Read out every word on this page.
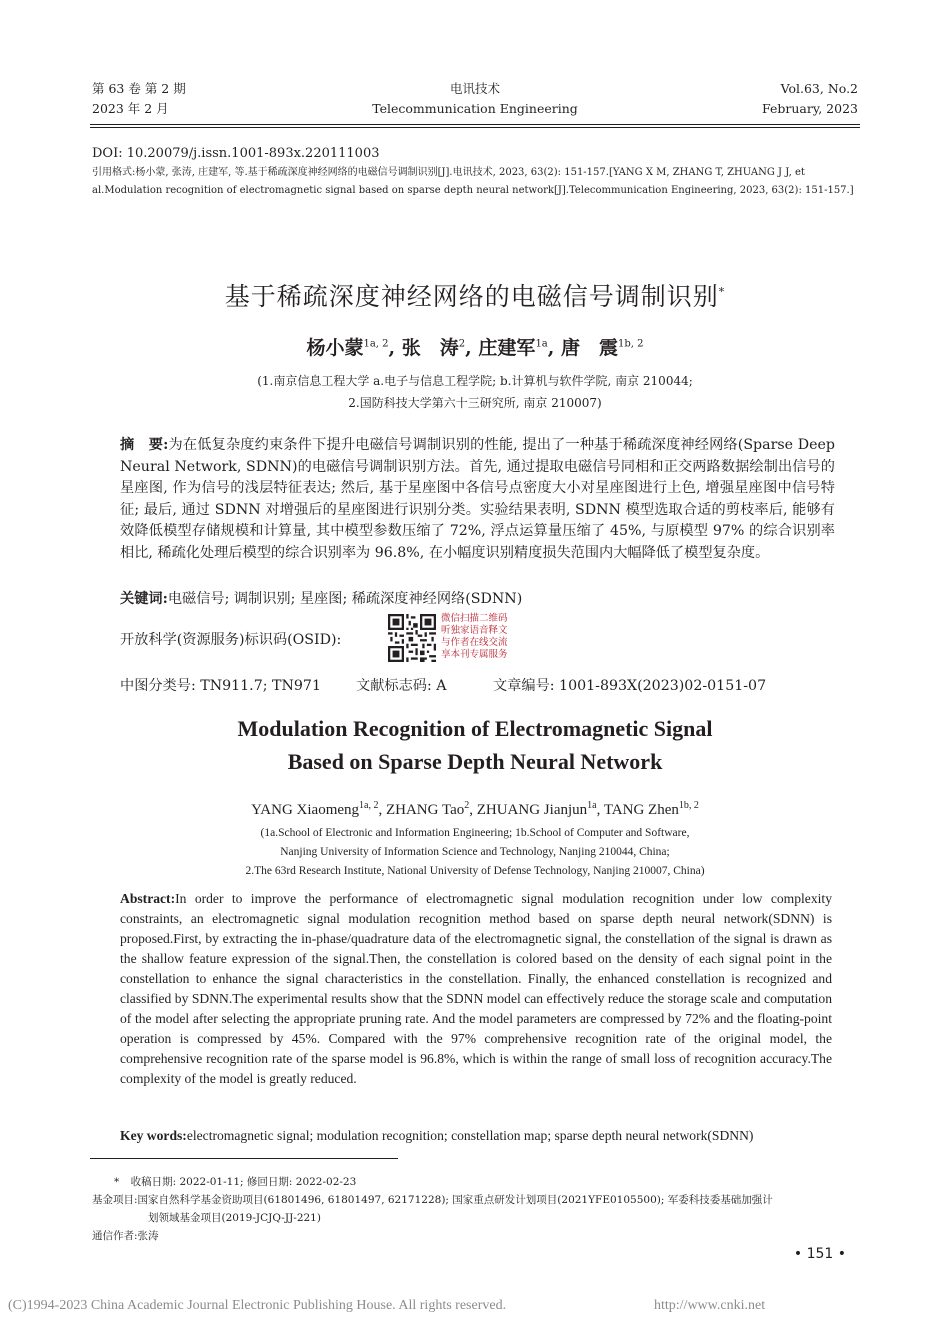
第 63 卷 第 2 期
2023 年 2 月
电讯技术
Telecommunication Engineering
Vol.63, No.2
February, 2023
DOI: 10.20079/j.issn.1001-893x.220111003
引用格式:杨小蒙, 张涛, 庄建军, 等.基于稀疏深度神经网络的电磁信号调制识别[J].电讯技术, 2023, 63(2): 151-157.[YANG X M, ZHANG T, ZHUANG J J, et al.Modulation recognition of electromagnetic signal based on sparse depth neural network[J].Telecommunication Engineering, 2023, 63(2): 151-157.]
基于稀疏深度神经网络的电磁信号调制识别*
杨小蒙$^{1a, 2}$, 张　涛$^2$, 庄建军$^{1a}$, 唐　震$^{1b, 2}$
(1.南京信息工程大学 a.电子与信息工程学院; b.计算机与软件学院, 南京 210044;
2.国防科技大学第六十三研究所, 南京 210007)
摘　要:为在低复杂度约束条件下提升电磁信号调制识别的性能, 提出了一种基于稀疏深度神经网络(Sparse Deep Neural Network, SDNN)的电磁信号调制识别方法。首先, 通过提取电磁信号同相和正交两路数据绘制出信号的星座图, 作为信号的浅层特征表达; 然后, 基于星座图中各信号点密度大小对星座图进行上色, 增强星座图中信号特征; 最后, 通过 SDNN 对增强后的星座图进行识别分类。实验结果表明, SDNN 模型选取合适的剪枝率后, 能够有效降低模型存储规模和计算量, 其中模型参数压缩了 72%, 浮点运算量压缩了 45%, 与原模型 97% 的综合识别率相比, 稀疏化处理后模型的综合识别率为 96.8%, 在小幅度识别精度损失范围内大幅降低了模型复杂度。
关键词:电磁信号; 调制识别; 星座图; 稀疏深度神经网络(SDNN)
开放科学(资源服务)标识码(OSID):
微信扫描二维码
听独家语音释文
与作者在线交流
享本刊专属服务
中图分类号: TN911.7; TN971 文献标志码: A	文章编号: 1001-893X(2023)02-0151-07
Modulation Recognition of Electromagnetic Signal
Based on Sparse Depth Neural Network
YANG Xiaomeng$^{1a, 2}$, ZHANG Tao$^2$, ZHUANG Jianjun$^{1a}$, TANG Zhen$^{1b, 2}$
(1a.School of Electronic and Information Engineering; 1b.School of Computer and Software,
Nanjing University of Information Science and Technology, Nanjing 210044, China;
2.The 63rd Research Institute, National University of Defense Technology, Nanjing 210007, China)
Abstract:In order to improve the performance of electromagnetic signal modulation recognition under low complexity constraints, an electromagnetic signal modulation recognition method based on sparse depth neural network(SDNN) is proposed.First, by extracting the in-phase/quadrature data of the electromagnetic signal, the constellation of the signal is drawn as the shallow feature expression of the signal.Then, the constellation is colored based on the density of each signal point in the constellation to enhance the signal characteristics in the constellation. Finally, the enhanced constellation is recognized and classified by SDNN.The experimental results show that the SDNN model can effectively reduce the storage scale and computation of the model after selecting the appropriate pruning rate. And the model parameters are compressed by 72% and the floating-point operation is compressed by 45%. Compared with the 97% comprehensive recognition rate of the original model, the comprehensive recognition rate of the sparse model is 96.8%, which is within the range of small loss of recognition accuracy.The complexity of the model is greatly reduced.
Key words:electromagnetic signal; modulation recognition; constellation map; sparse depth neural network(SDNN)
* 收稿日期: 2022-01-11; 修回日期: 2022-02-23
基金项目:国家自然科学基金资助项目(61801496, 61801497, 62171228); 国家重点研发计划项目(2021YFE0105500); 军委科技委基础加强计
划领域基金项目(2019-JCJQ-JJ-221)
通信作者:张涛
• 151 •
(C)1994-2023 China Academic Journal Electronic Publishing House. All rights reserved.	http://www.cnki.net
